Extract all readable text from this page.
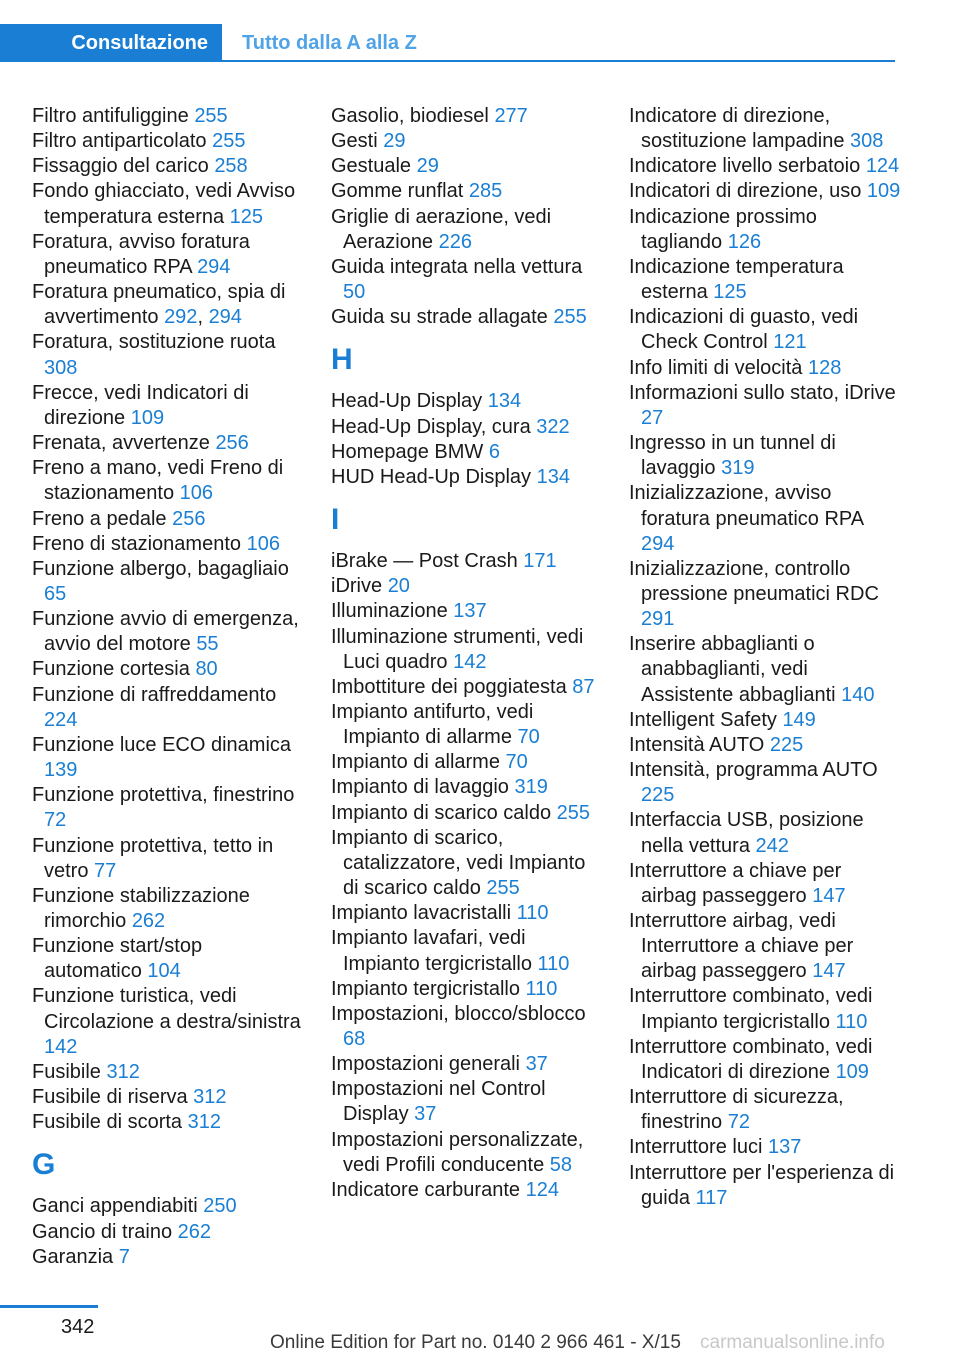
Consultazione	Tutto dalla A alla Z
Filtro antifuliggine 255
Filtro antiparticolato 255
Fissaggio del carico 258
Fondo ghiacciato, vedi Avviso temperatura esterna 125
Foratura, avviso foratura pneumatico RPA 294
Foratura pneumatico, spia di avvertimento 292, 294
Foratura, sostituzione ruota 308
Frecce, vedi Indicatori di direzione 109
Frenata, avvertenze 256
Freno a mano, vedi Freno di stazionamento 106
Freno a pedale 256
Freno di stazionamento 106
Funzione albergo, bagagliaio 65
Funzione avvio di emergenza, avvio del motore 55
Funzione cortesia 80
Funzione di raffreddamento 224
Funzione luce ECO dinamica 139
Funzione protettiva, finestrino 72
Funzione protettiva, tetto in vetro 77
Funzione stabilizzazione rimorchio 262
Funzione start/stop automatico 104
Funzione turistica, vedi Circolazione a destra/sinistra 142
Fusibile 312
Fusibile di riserva 312
Fusibile di scorta 312
G
Ganci appendiabiti 250
Gancio di traino 262
Garanzia 7
Gasolio, biodiesel 277
Gesti 29
Gestuale 29
Gomme runflat 285
Griglie di aerazione, vedi Aerazione 226
Guida integrata nella vettura 50
Guida su strade allagate 255
H
Head-Up Display 134
Head-Up Display, cura 322
Homepage BMW 6
HUD Head-Up Display 134
I
iBrake — Post Crash 171
iDrive 20
Illuminazione 137
Illuminazione strumenti, vedi Luci quadro 142
Imbottiture dei poggiatesta 87
Impianto antifurto, vedi Impianto di allarme 70
Impianto di allarme 70
Impianto di lavaggio 319
Impianto di scarico caldo 255
Impianto di scarico, catalizzatore, vedi Impianto di scarico caldo 255
Impianto lavacristalli 110
Impianto lavafari, vedi Impianto tergicristallo 110
Impianto tergicristallo 110
Impostazioni, blocco/sblocco 68
Impostazioni generali 37
Impostazioni nel Control Display 37
Impostazioni personalizzate, vedi Profili conducente 58
Indicatore carburante 124
Indicatore di direzione, sostituzione lampadine 308
Indicatore livello serbatoio 124
Indicatori di direzione, uso 109
Indicazione prossimo tagliando 126
Indicazione temperatura esterna 125
Indicazioni di guasto, vedi Check Control 121
Info limiti di velocità 128
Informazioni sullo stato, iDrive 27
Ingresso in un tunnel di lavaggio 319
Inizializzazione, avviso foratura pneumatico RPA 294
Inizializzazione, controllo pressione pneumatici RDC 291
Inserire abbaglianti o anabbaglianti, vedi Assistente abbaglianti 140
Intelligent Safety 149
Intensità AUTO 225
Intensità, programma AUTO 225
Interfaccia USB, posizione nella vettura 242
Interruttore a chiave per airbag passeggero 147
Interruttore airbag, vedi Interruttore a chiave per airbag passeggero 147
Interruttore combinato, vedi Impianto tergicristallo 110
Interruttore combinato, vedi Indicatori di direzione 109
Interruttore di sicurezza, finestrino 72
Interruttore luci 137
Interruttore per l'esperienza di guida 117
342
Online Edition for Part no. 0140 2 966 461 - X/15 carmanualsonline.info
